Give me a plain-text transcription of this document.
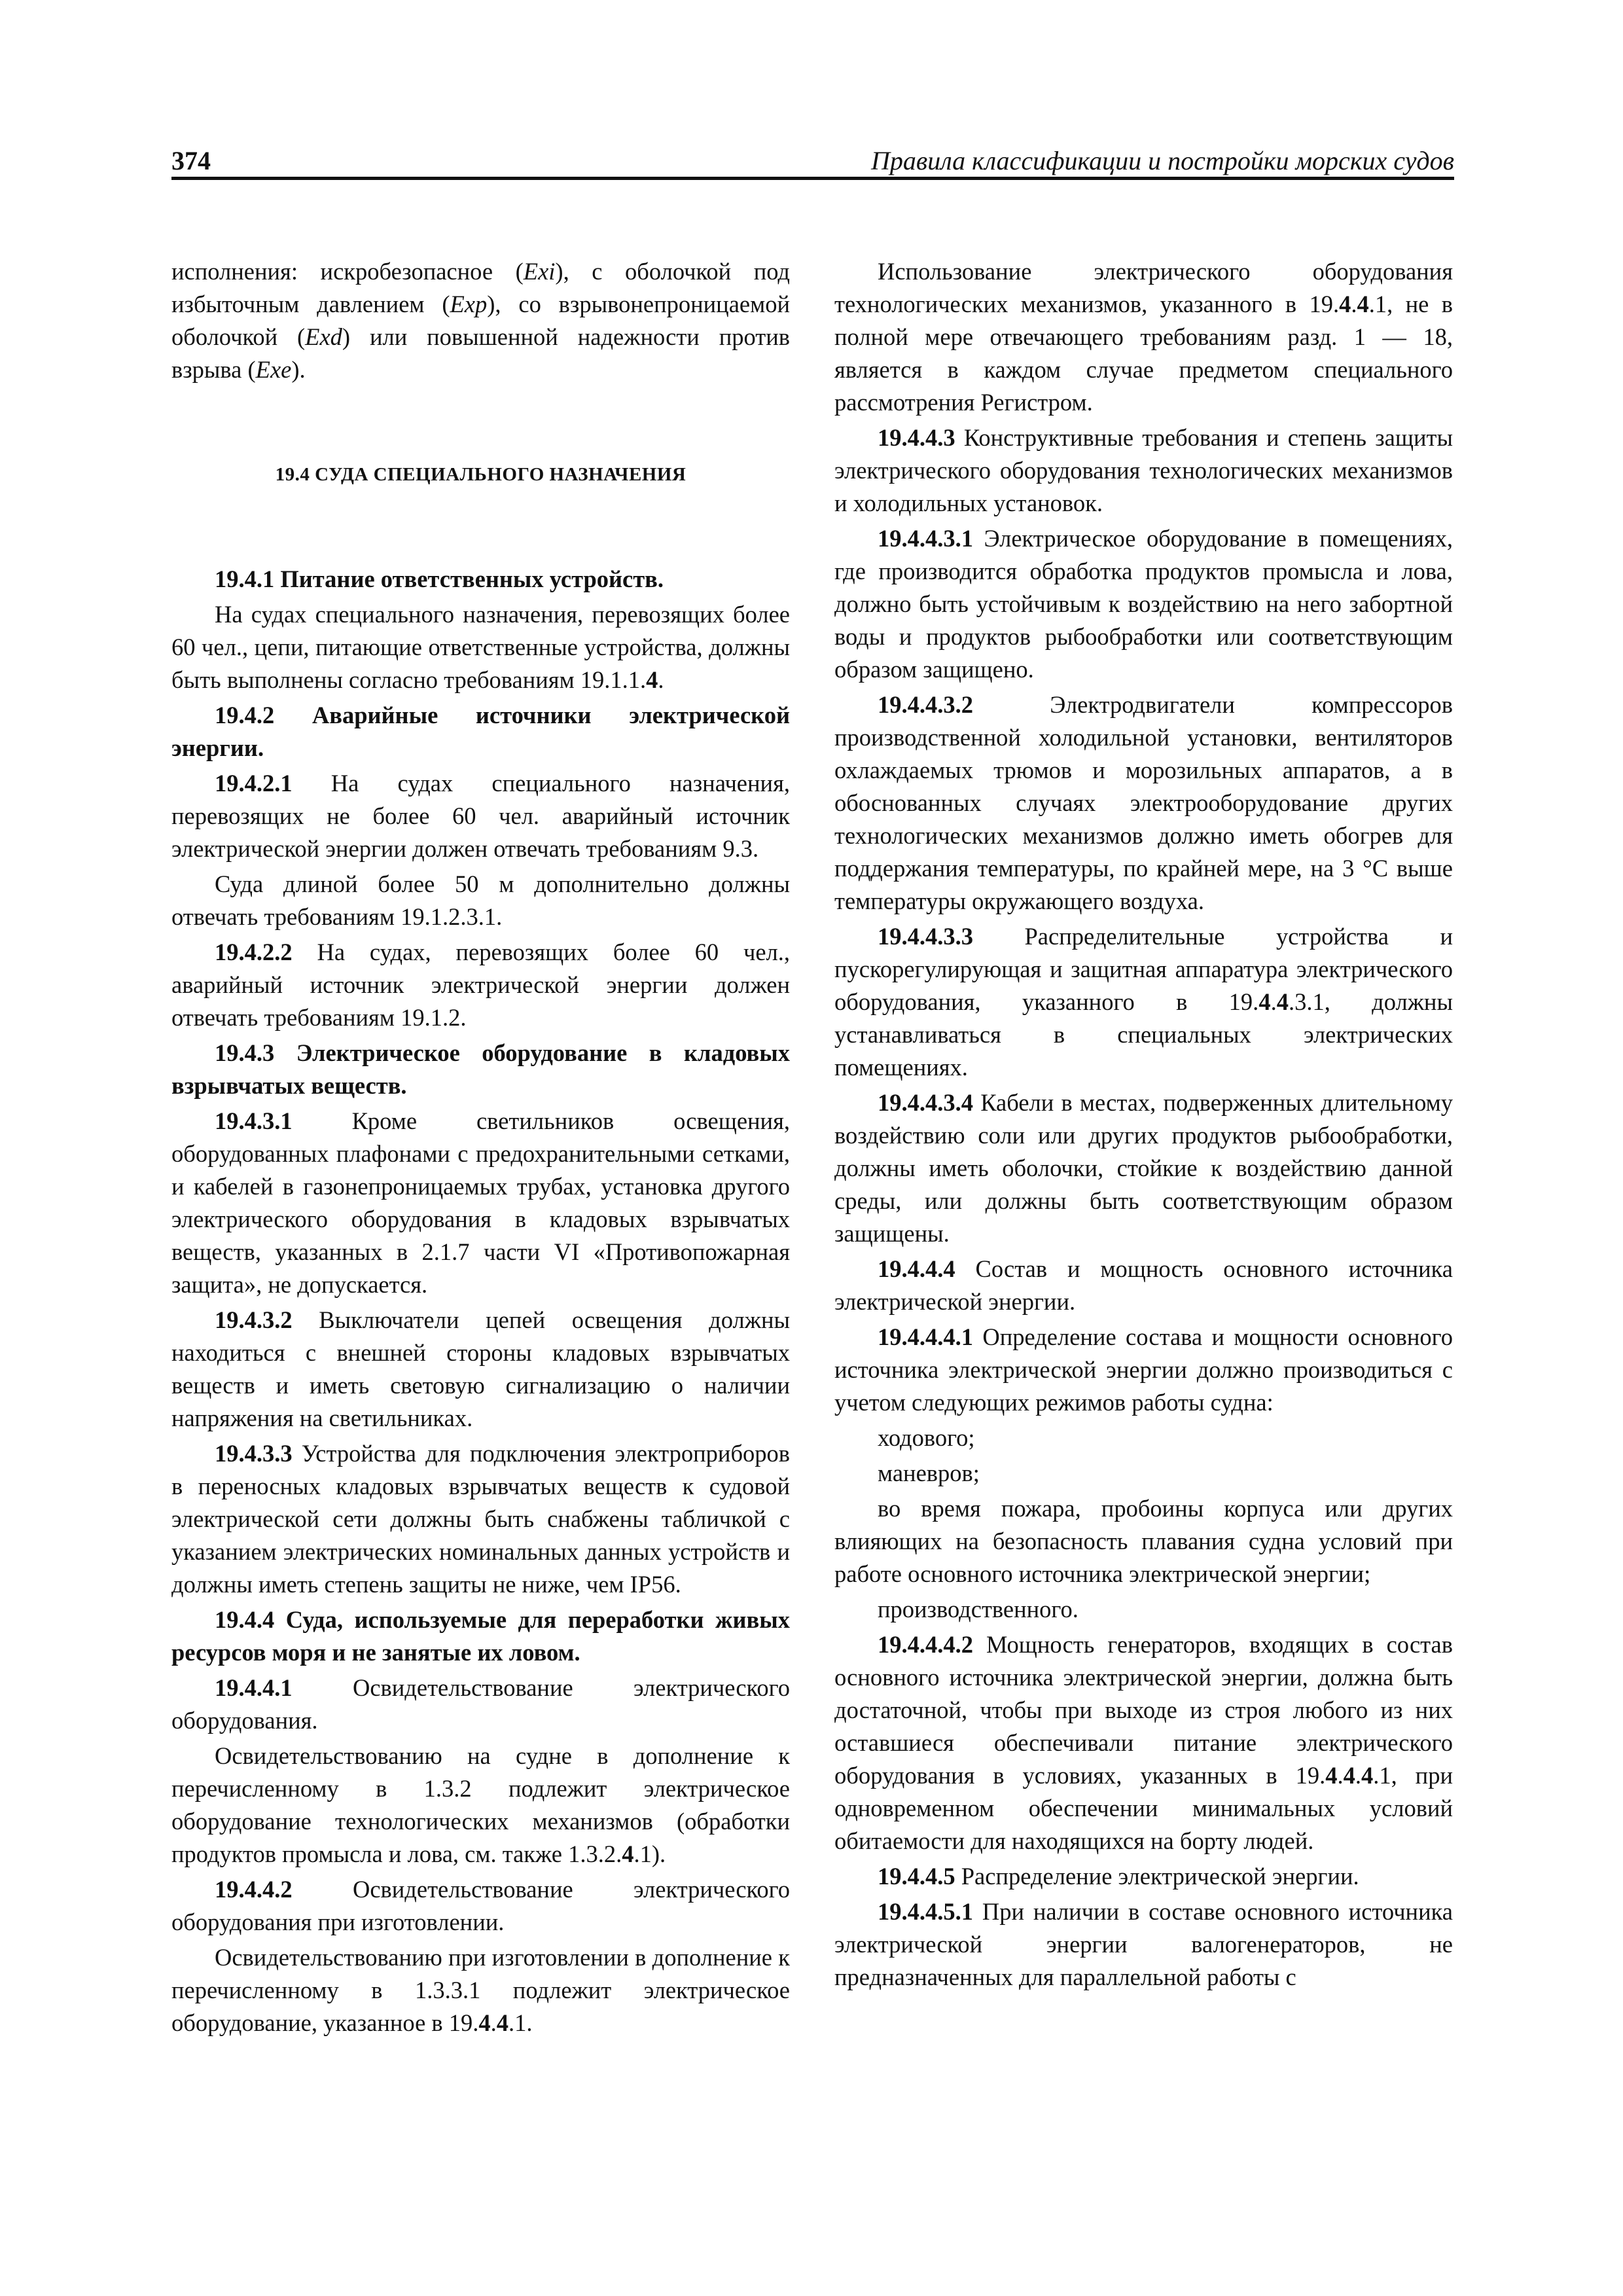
374	Правила классификации и постройки морских судов

исполнения: искробезопасное (Exi), с оболочкой под избыточным давлением (Exp), со взрывонепроницаемой оболочкой (Exd) или повышенной надежности против взрыва (Exe).

19.4 СУДА СПЕЦИАЛЬНОГО НАЗНАЧЕНИЯ

19.4.1 Питание ответственных устройств.

На судах специального назначения, перевозящих более 60 чел., цепи, питающие ответственные устройства, должны быть выполнены согласно требованиям 19.1.1.4.

19.4.2 Аварийные источники электрической энергии.

19.4.2.1 На судах специального назначения, перевозящих не более 60 чел. аварийный источник электрической энергии должен отвечать требованиям 9.3.

Суда длиной более 50 м дополнительно должны отвечать требованиям 19.1.2.3.1.

19.4.2.2 На судах, перевозящих более 60 чел., аварийный источник электрической энергии должен отвечать требованиям 19.1.2.

19.4.3 Электрическое оборудование в кладовых взрывчатых веществ.

19.4.3.1 Кроме светильников освещения, оборудованных плафонами с предохранительными сетками, и кабелей в газонепроницаемых трубах, установка другого электрического оборудования в кладовых взрывчатых веществ, указанных в 2.1.7 части VI «Противопожарная защита», не допускается.

19.4.3.2 Выключатели цепей освещения должны находиться с внешней стороны кладовых взрывчатых веществ и иметь световую сигнализацию о наличии напряжения на светильниках.

19.4.3.3 Устройства для подключения электроприборов в переносных кладовых взрывчатых веществ к судовой электрической сети должны быть снабжены табличкой с указанием электрических номинальных данных устройств и должны иметь степень защиты не ниже, чем IP56.

19.4.4 Суда, используемые для переработки живых ресурсов моря и не занятые их ловом.

19.4.4.1 Освидетельствование электрического оборудования.

Освидетельствованию на судне в дополнение к перечисленному в 1.3.2 подлежит электрическое оборудование технологических механизмов (обработки продуктов промысла и лова, см. также 1.3.2.4.1).

19.4.4.2 Освидетельствование электрического оборудования при изготовлении.

Освидетельствованию при изготовлении в дополнение к перечисленному в 1.3.3.1 подлежит электрическое оборудование, указанное в 19.4.4.1.

Использование электрического оборудования технологических механизмов, указанного в 19.4.4.1, не в полной мере отвечающего требованиям разд. 1 — 18, является в каждом случае предметом специального рассмотрения Регистром.

19.4.4.3 Конструктивные требования и степень защиты электрического оборудования технологических механизмов и холодильных установок.

19.4.4.3.1 Электрическое оборудование в помещениях, где производится обработка продуктов промысла и лова, должно быть устойчивым к воздействию на него забортной воды и продуктов рыбообработки или соответствующим образом защищено.

19.4.4.3.2 Электродвигатели компрессоров производственной холодильной установки, вентиляторов охлаждаемых трюмов и морозильных аппаратов, а в обоснованных случаях электрооборудование других технологических механизмов должно иметь обогрев для поддержания температуры, по крайней мере, на 3 °С выше температуры окружающего воздуха.

19.4.4.3.3 Распределительные устройства и пускорегулирующая и защитная аппаратура электрического оборудования, указанного в 19.4.4.3.1, должны устанавливаться в специальных электрических помещениях.

19.4.4.3.4 Кабели в местах, подверженных длительному воздействию соли или других продуктов рыбообработки, должны иметь оболочки, стойкие к воздействию данной среды, или должны быть соответствующим образом защищены.

19.4.4.4 Состав и мощность основного источника электрической энергии.

19.4.4.4.1 Определение состава и мощности основного источника электрической энергии должно производиться с учетом следующих режимов работы судна:

ходового;

маневров;

во время пожара, пробоины корпуса или других влияющих на безопасность плавания судна условий при работе основного источника электрической энергии;

производственного.

19.4.4.4.2 Мощность генераторов, входящих в состав основного источника электрической энергии, должна быть достаточной, чтобы при выходе из строя любого из них оставшиеся обеспечивали питание электрического оборудования в условиях, указанных в 19.4.4.4.1, при одновременном обеспечении минимальных условий обитаемости для находящихся на борту людей.

19.4.4.5 Распределение электрической энергии.

19.4.4.5.1 При наличии в составе основного источника электрической энергии валогенераторов, не предназначенных для параллельной работы с
